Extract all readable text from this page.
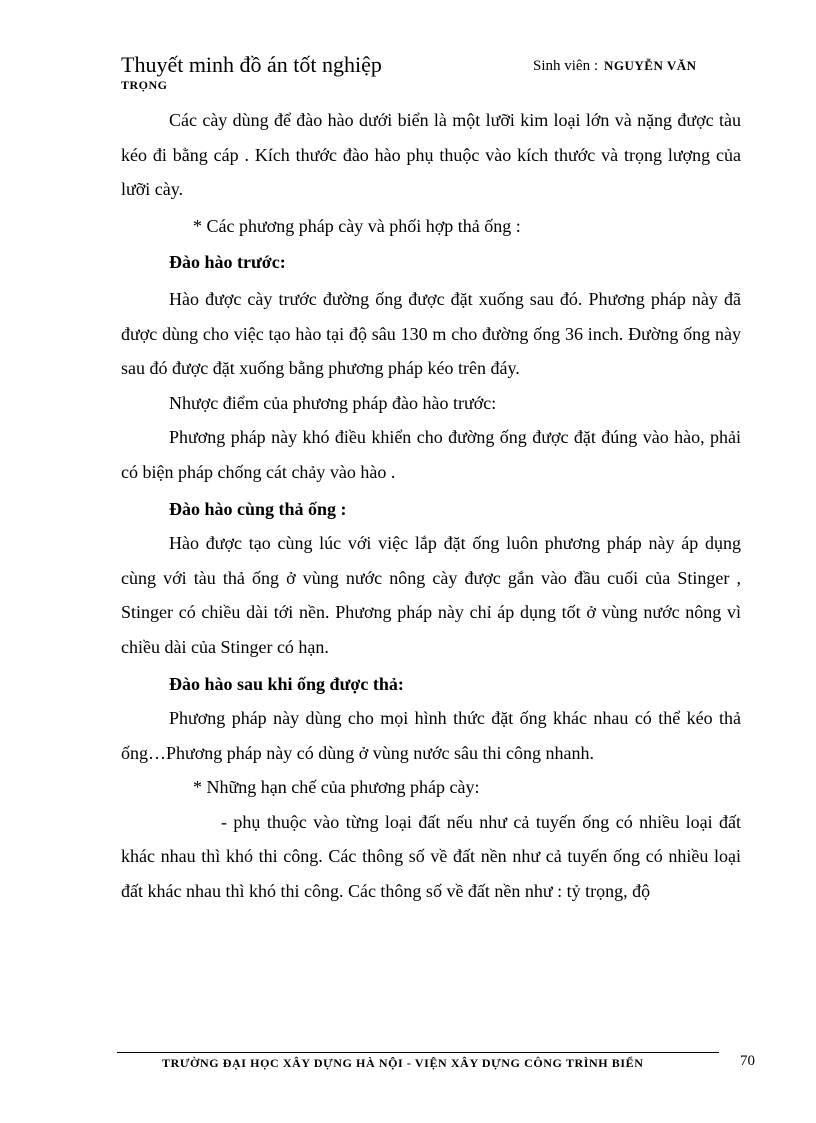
Thuyết minh đồ án tốt nghiệp	Sinh viên : NGUYỄN VĂN
TRỌNG

Các cày dùng để đào hào dưới biển là một lưỡi kim loại lớn và nặng được tàu kéo đi bằng cáp . Kích thước đào hào phụ thuộc vào kích thước và trọng lượng của lưỡi cày.

* Các phương pháp cày và phối hợp thả ống :

Đào hào trước:

Hào được cày trước đường ống được đặt xuống sau đó. Phương pháp này đã được dùng cho việc tạo hào tại độ sâu 130 m cho đường ống 36 inch. Đường ống này sau đó được đặt xuống bằng phương pháp kéo trên đáy.

Nhược điểm của phương pháp đào hào trước:

Phương pháp này khó điều khiển cho đường ống được đặt đúng vào hào, phải có biện pháp chống cát chảy vào hào .

Đào hào cùng thả ống :

Hào được tạo cùng lúc với việc lắp đặt ống luôn phương pháp này áp dụng cùng với tàu thả ống ở vùng nước nông cày được gắn vào đầu cuối của Stinger , Stinger có chiều dài tới nền. Phương pháp này chỉ áp dụng tốt ở vùng nước nông vì chiều dài của Stinger có hạn.

Đào hào sau khi ống được thả:

Phương pháp này dùng cho mọi hình thức đặt ống khác nhau có thể kéo thả ống…Phương pháp này có dùng ở vùng nước sâu thi công nhanh.

* Những hạn chế của phương pháp cày:

- phụ thuộc vào từng loại đất nếu như cả tuyến ống có nhiều loại đất khác nhau thì khó thi công. Các thông số về đất nền như cả tuyến ống có nhiều loại đất khác nhau thì khó thi công. Các thông số về đất nền như : tỷ trọng, độ

TRƯỜNG ĐẠI HỌC XÂY DỰNG HÀ NỘI - VIỆN XÂY DỰNG CÔNG TRÌNH BIỂN	70
